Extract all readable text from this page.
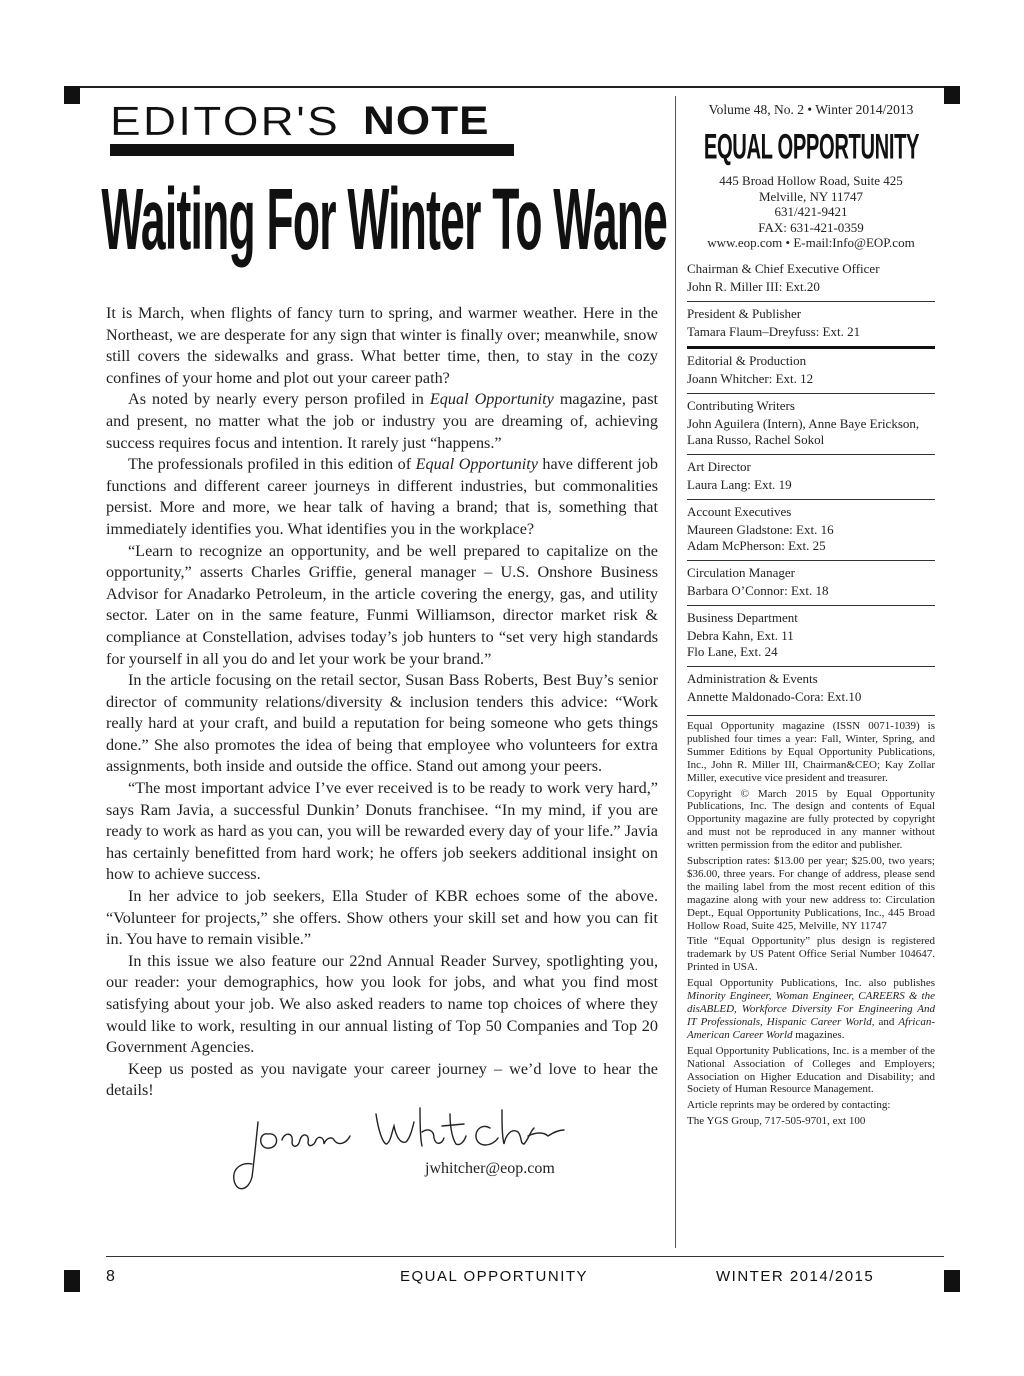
EDITOR'S NOTE
Waiting For Winter To Wane

It is March, when flights of fancy turn to spring, and warmer weather. Here in the Northeast, we are desperate for any sign that winter is finally over; meanwhile, snow still covers the sidewalks and grass. What better time, then, to stay in the cozy confines of your home and plot out your career path?

As noted by nearly every person profiled in Equal Opportunity magazine, past and present, no matter what the job or industry you are dreaming of, achieving success requires focus and intention. It rarely just “happens.”

The professionals profiled in this edition of Equal Opportunity have different job functions and different career journeys in different industries, but commonalities persist. More and more, we hear talk of having a brand; that is, something that immediately identifies you. What identifies you in the workplace?

“Learn to recognize an opportunity, and be well prepared to capitalize on the opportunity,” asserts Charles Griffie, general manager – U.S. Onshore Business Advisor for Anadarko Petroleum, in the article covering the energy, gas, and utility sector. Later on in the same feature, Funmi Williamson, director market risk & compliance at Constellation, advises today’s job hunters to “set very high standards for yourself in all you do and let your work be your brand.”

In the article focusing on the retail sector, Susan Bass Roberts, Best Buy’s senior director of community relations/diversity & inclusion tenders this advice: “Work really hard at your craft, and build a reputation for being someone who gets things done.” She also promotes the idea of being that employee who volunteers for extra assignments, both inside and outside the office. Stand out among your peers.

“The most important advice I’ve ever received is to be ready to work very hard,” says Ram Javia, a successful Dunkin’ Donuts franchisee. “In my mind, if you are ready to work as hard as you can, you will be rewarded every day of your life.” Javia has certainly benefitted from hard work; he offers job seekers additional insight on how to achieve success.

In her advice to job seekers, Ella Studer of KBR echoes some of the above. “Volunteer for projects,” she offers. Show others your skill set and how you can fit in. You have to remain visible.”

In this issue we also feature our 22nd Annual Reader Survey, spotlighting you, our reader: your demographics, how you look for jobs, and what you find most satisfying about your job. We also asked readers to name top choices of where they would like to work, resulting in our annual listing of Top 50 Companies and Top 20 Government Agencies.

Keep us posted as you navigate your career journey – we’d love to hear the details!

jwhitcher@eop.com
Volume 48, No. 2 • Winter 2014/2013
EQUAL OPPORTUNITY
445 Broad Hollow Road, Suite 425
Melville, NY 11747
631/421-9421
FAX: 631-421-0359
www.eop.com • E-mail:Info@EOP.com
Chairman & Chief Executive Officer
John R. Miller III: Ext.20
President & Publisher
Tamara Flaum–Dreyfuss: Ext. 21
Editorial & Production
Joann Whitcher: Ext. 12
Contributing Writers
John Aguilera (Intern), Anne Baye Erickson, Lana Russo, Rachel Sokol
Art Director
Laura Lang: Ext. 19
Account Executives
Maureen Gladstone: Ext. 16
Adam McPherson: Ext. 25
Circulation Manager
Barbara O’Connor: Ext. 18
Business Department
Debra Kahn, Ext. 11
Flo Lane, Ext. 24
Administration & Events
Annette Maldonado-Cora: Ext.10

Equal Opportunity magazine (ISSN 0071-1039) is published four times a year: Fall, Winter, Spring, and Summer Editions by Equal Opportunity Publications, Inc., John R. Miller III, Chairman&CEO; Kay Zollar Miller, executive vice president and treasurer.

Copyright © March 2015 by Equal Opportunity Publications, Inc. The design and contents of Equal Opportunity magazine are fully protected by copyright and must not be reproduced in any manner without written permission from the editor and publisher.

Subscription rates: $13.00 per year; $25.00, two years; $36.00, three years. For change of address, please send the mailing label from the most recent edition of this magazine along with your new address to: Circulation Dept., Equal Opportunity Publications, Inc., 445 Broad Hollow Road, Suite 425, Melville, NY 11747

Title “Equal Opportunity” plus design is registered trademark by US Patent Office Serial Number 104647. Printed in USA.

Equal Opportunity Publications, Inc. also publishes Minority Engineer, Woman Engineer, CAREERS & the disABLED, Workforce Diversity For Engineering And IT Professionals, Hispanic Career World, and African-American Career World magazines.

Equal Opportunity Publications, Inc. is a member of the National Association of Colleges and Employers; Association on Higher Education and Disability; and Society of Human Resource Management.

Article reprints may be ordered by contacting:

The YGS Group, 717-505-9701, ext 100

8	EQUAL OPPORTUNITY	WINTER 2014/2015
